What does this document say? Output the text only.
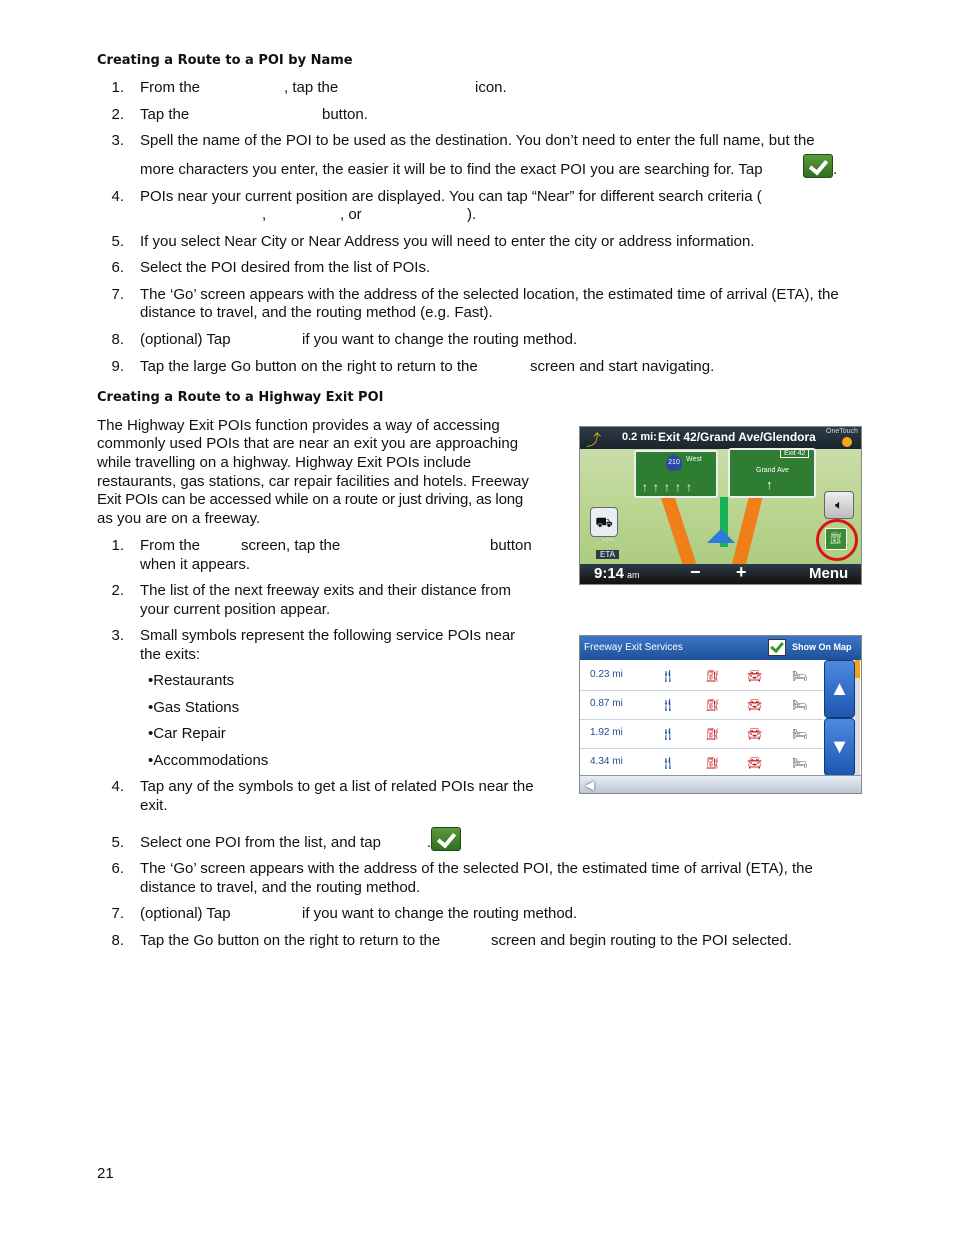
Creating a Route to a POI by Name
1. From the	, tap the	icon.
2. Tap the	button.
3. Spell the name of the POI to be used as the destination. You don’t need to enter the full name, but the
more characters you enter, the easier it will be to find the exact POI you are searching for. Tap
	.
4. POIs near your current position are displayed. You can tap “Near” for different search criteria (
,	, or	).
5. If you select Near City or Near Address you will need to enter the city or address information.
6. Select the POI desired from the list of POIs.
7. The ‘Go’ screen appears with the address of the selected location, the estimated time of arrival (ETA), the
distance to travel, and the routing method (e.g. Fast).
8. (optional) Tap	if you want to change the routing method.
9. Tap the large Go button on the right to return to the	screen and start navigating.
Creating a Route to a Highway Exit POI
The Highway Exit POIs function provides a way of accessing
commonly used POIs that are near an exit you are approaching
while travelling on a highway. Highway Exit POIs include
restaurants, gas stations, car repair facilities and hotels. Freeway
Exit POIs can be accessed while on a route or just driving, as long
as you are on a freeway.
1. From the	screen, tap the	button
when it appears.
2. The list of the next freeway exits and their distance from
your current position appear.
3. Small symbols represent the following service POIs near
the exits:
•Restaurants
•Gas Stations
•Car Repair
•Accommodations
4. Tap any of the symbols to get a list of related POIs near the
exit.
5. Select one POI from the list, and tap	.
6. The ‘Go’ screen appears with the address of the selected POI, the estimated time of arrival (ETA), the
distance to travel, and the routing method.
7. (optional) Tap	if you want to change the routing method.
8. Tap the Go button on the right to return to the	screen and begin routing to the POI selected.
⤴ 0.2 mi: Exit 42/Grand Ave/Glendora OneTouch
210 West
↑↑↑↑↑
Exit 42
Grand Ave
↑
⛟
🔈︎
⛽︎
ETA
--:--
9:14 am	− +	Menu
Freeway Exit Services	Show On Map
0.23 mi	🍴︎ ⛽︎ 🚘︎ 🛏︎
0.87 mi	🍴︎ ⛽︎ 🚘︎ 🛏︎
1.92 mi	🍴︎ ⛽︎ 🚘︎ 🛏︎
4.34 mi	🍴︎ ⛽︎ 🚘︎ 🛏︎
▲
▼
◀
21
